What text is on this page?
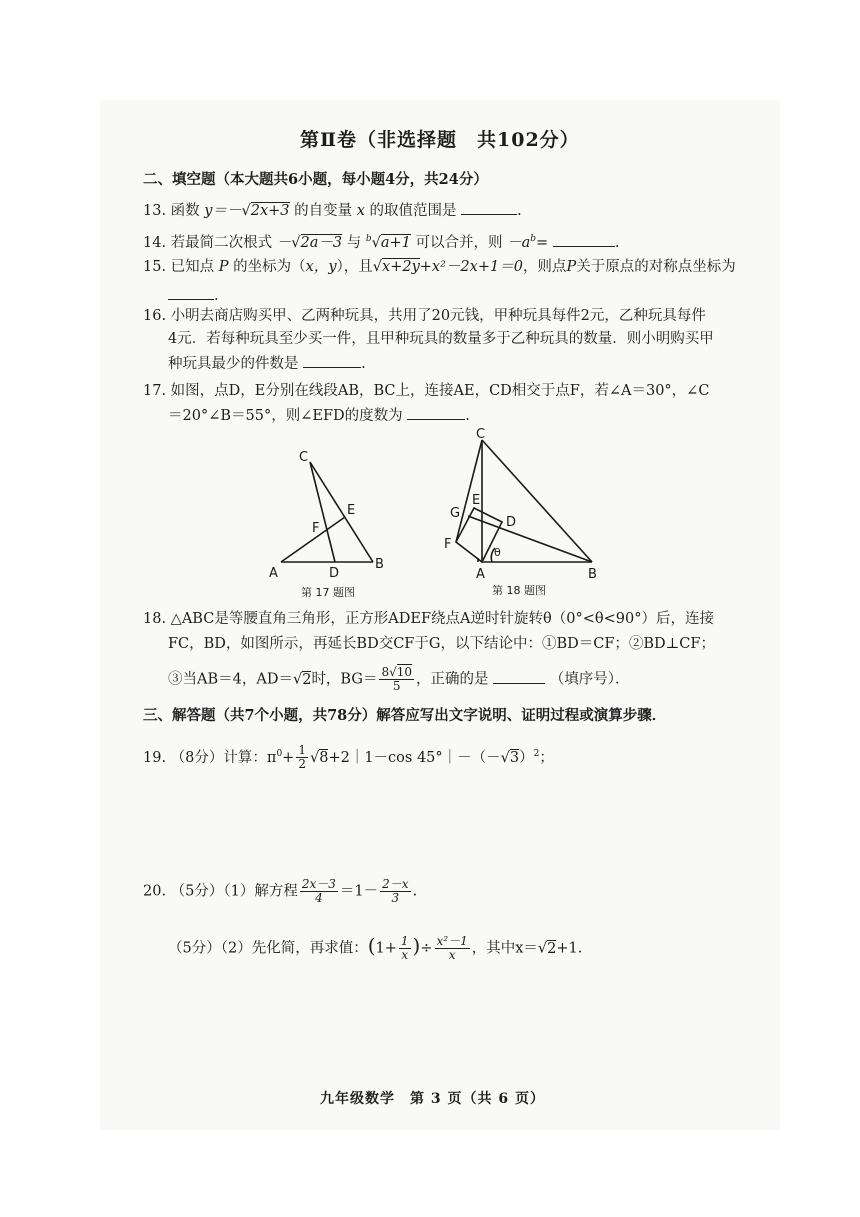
第Ⅱ卷（非选择题　共102分）
二、填空题（本大题共6小题，每小题4分，共24分）
13. 函数 y＝－√2x+3 的自变量 x 的取值范围是	.
14. 若最简二次根式 －√2a－3 与 $^b$√a+1 可以合并，则 $-a^b=$	.
15. 已知点 P 的坐标为（x，y），且√x+2y+x²－2x+1＝0，则点P关于原点的对称点坐标为
.
16. 小明去商店购买甲、乙两种玩具，共用了20元钱，甲种玩具每件2元，乙种玩具每件
4元．若每种玩具至少买一件，且甲种玩具的数量多于乙种玩具的数量．则小明购买甲
种玩具最少的件数是	.
17. 如图，点D，E分别在线段AB，BC上，连接AE，CD相交于点F，若∠A＝30°，∠C
＝20°∠B＝55°，则∠EFD的度数为	.
C
E
F
A	D
B
第 17 题图
C
E
G
D
F
θ
A	B
第 18 题图
18. △ABC是等腰直角三角形，正方形ADEF绕点A逆时针旋转θ（0°<θ<90°）后，连接
FC，BD，如图所示，再延长BD交CF于G，以下结论中：①BD＝CF；②BD⊥CF；
③当AB＝4，AD＝√2时，$BG= \frac{8√10}{5}$ ，正确的是	（填序号）．
三、解答题（共7个小题，共78分）解答应写出文字说明、证明过程或演算步骤．
19. （8分）计算：$\pi^0+ \frac{1}{2}$ √8+2｜1－cos $45^\circ|-(-√3)^2$；
20. （5分）（1）解方程 $\frac{2x-3}{4} =1- \frac{2-x}{3}$ .
（5分）（2）先化简，再求值：($1+ \frac{1}{x}$ )÷ $\frac{\text{x²－1}}{x}$ ，其中x＝√2+1.
九年级数学　第 3 页（共 6 页）
